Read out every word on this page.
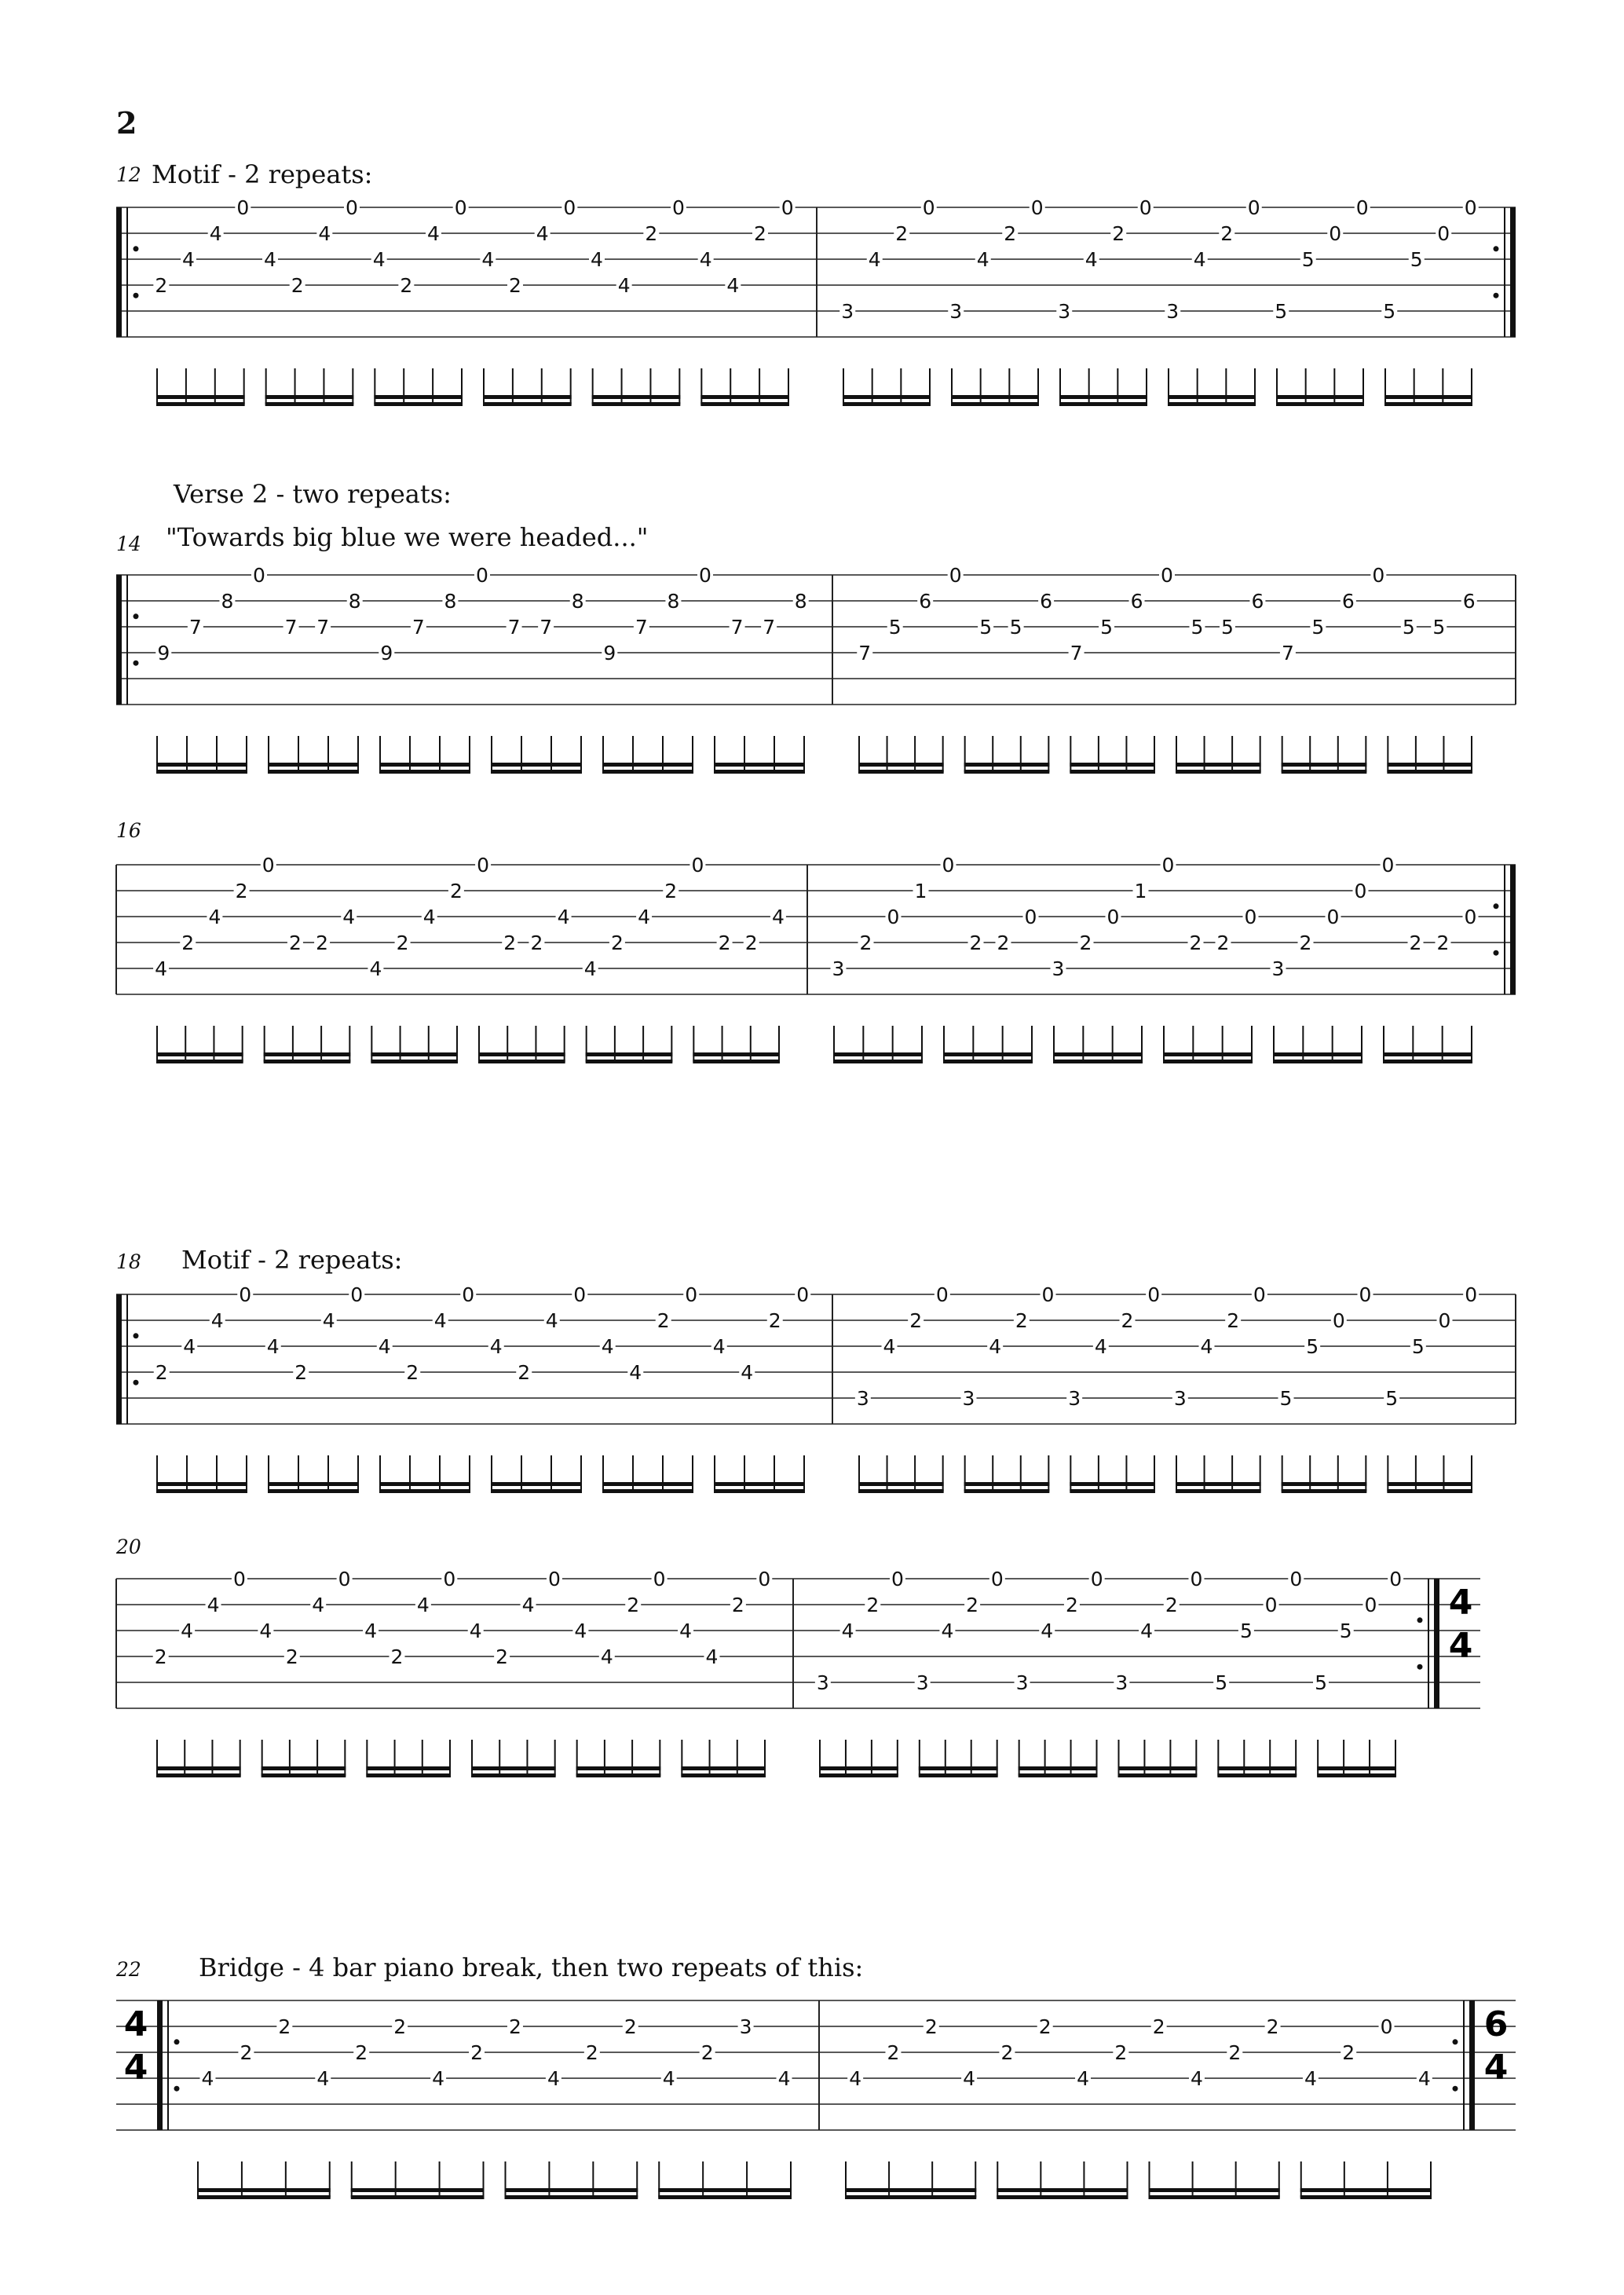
2
12 Motif - 2 repeats:
2
4
4
0
4
2
4
0
4
2
4
0
4
2
4
0
4
4
2
0
4
4
2
0
3
4
2
0
3
4
2
0
3
4
2
0
3
4
2
0
5
5
0
0
5
5
0
0
Verse 2 - two repeats:
14 "Towards big blue we were headed..."
9
7
8
0
7 7
8
9
7
8
0
7 7
8
9
7
8
0
7 7
8
7
5
6
0
5 5
6
7
5
6
0
5 5
6
7
5
6
0
5 5
6
16
4
2
4
2
0
2 2
4
4
2
4
2
0
2 2
4
4
2
4
2
0
2 2
4
3
2
0
1
0
2 2
0
3
2
0
1
0
2 2
0
3
2
0
0
0
2 2
0
18 Motif - 2 repeats:
2
4
4
0
4
2
4
0
4
2
4
0
4
2
4
0
4
4
2
0
4
4
2
0
3
4
2
0
3
4
2
0
3
4
2
0
3
4
2
0
5
5
0
0
5
5
0
0
20
4
4
2
4
4
0
4
2
4
0
4
2
4
0
4
2
4
0
4
4
2
0
4
4
2
0
3
4
2
0
3
4
2
0
3
4
2
0
3
4
2
0
5
5
0
0
5
5
0
0
22 Bridge - 4 bar piano break, then two repeats of this:
4
4
6
4
4
2
2
4
2
2
4
2
2
4
2
2
4
2
3
4	4
2
2
4
2
2
4
2
2
4
2
2
4
2
0
4
